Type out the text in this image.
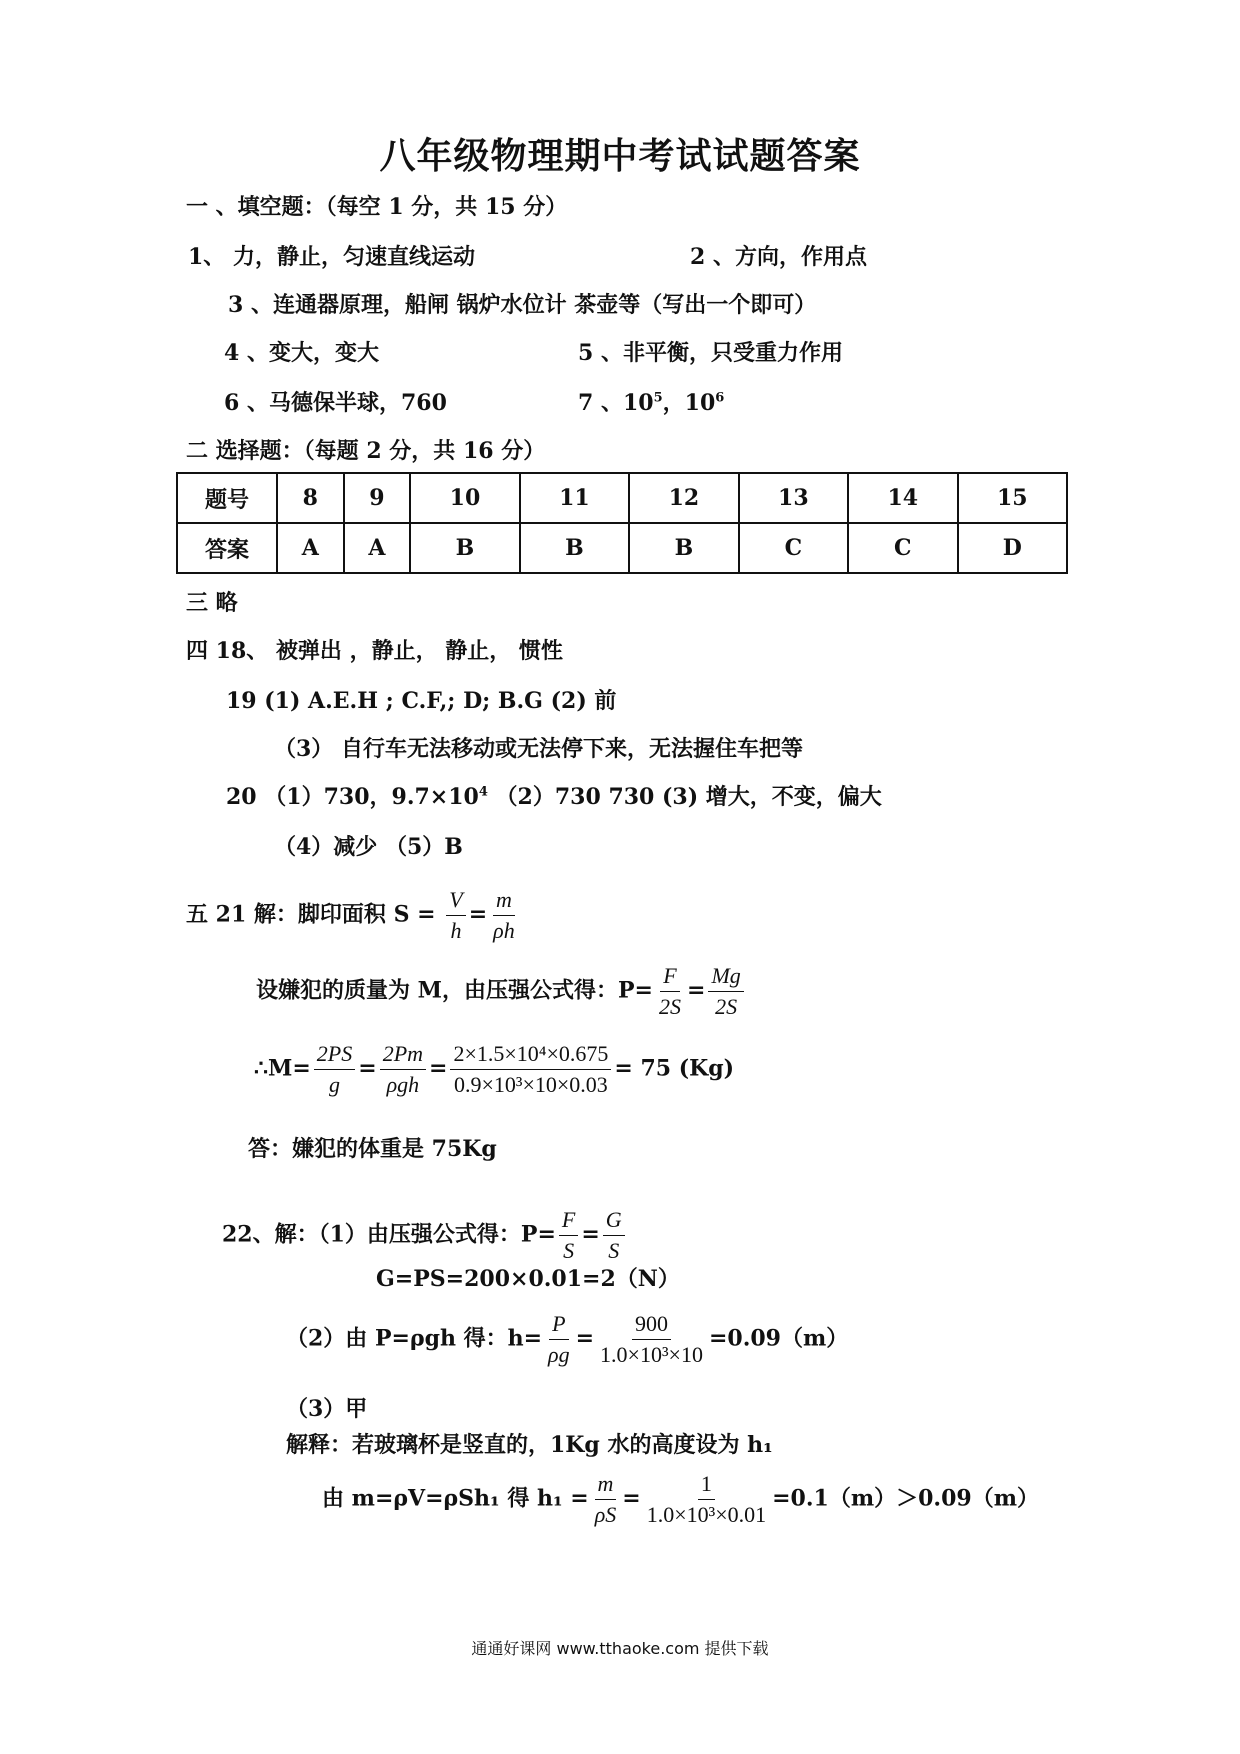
八年级物理期中考试试题答案
一 、填空题：（每空 1 分，共 15 分）
1、 力，静止，匀速直线运动	2 、方向，作用点
3 、连通器原理，船闸 锅炉水位计 茶壶等（写出一个即可）
4 、变大，变大	5 、非平衡，只受重力作用
6 、马德保半球，760	7 、$10^5$，$10^6$
二 选择题：（每题 2 分，共 16 分）
题号	8	9	10	11	12	13	14	15
答案	A	A	B	B	B	C	C	D
三 略
四 18、 被弹出 ，静止， 静止， 惯性
19 (1) A.E.H ; C.F,; D; B.G (2) 前
（3） 自行车无法移动或无法停下来，无法握住车把等
20 （1）730，$9.7\times 10^4$ （2）730 730 (3) 增大，不变，偏大
（4）减少 （5）B
五 21 解：脚印面积 $S = \frac{V}{h} = \frac{m}{\rho h}$
设嫌犯的质量为 M，由压强公式得：$P= \frac{F}{2S} = \frac{Mg}{2S}$
∴M= $\frac{2PS}{g} = \frac{2Pm}{\text{ρgh}} = \frac{\text{2×1.5×10⁴×0.675}}{\text{0.9×10³×10×0.03}} = 75$ (Kg)
答：嫌犯的体重是 75Kg
22、解：（1）由压强公式得：$P= \frac{F}{S} = \frac{G}{S}$
G=PS=200×0.01=2（N）
（2）由 P=ρgh 得：$h= \frac{P}{\rho g} = \frac{900}{\text{1.0×10³×10}} =0.09(m)$
（3）甲
解释：若玻璃杯是竖直的，1Kg 水的高度设为 h₁
由 m=ρV=ρSh₁ 得 $h_1 = \frac{m}{\rho S} = \frac{1}{\text{1.0×10³×0.01}} =0.1(m)>0.09(m)$
通通好课网 www.tthaoke.com 提供下载
